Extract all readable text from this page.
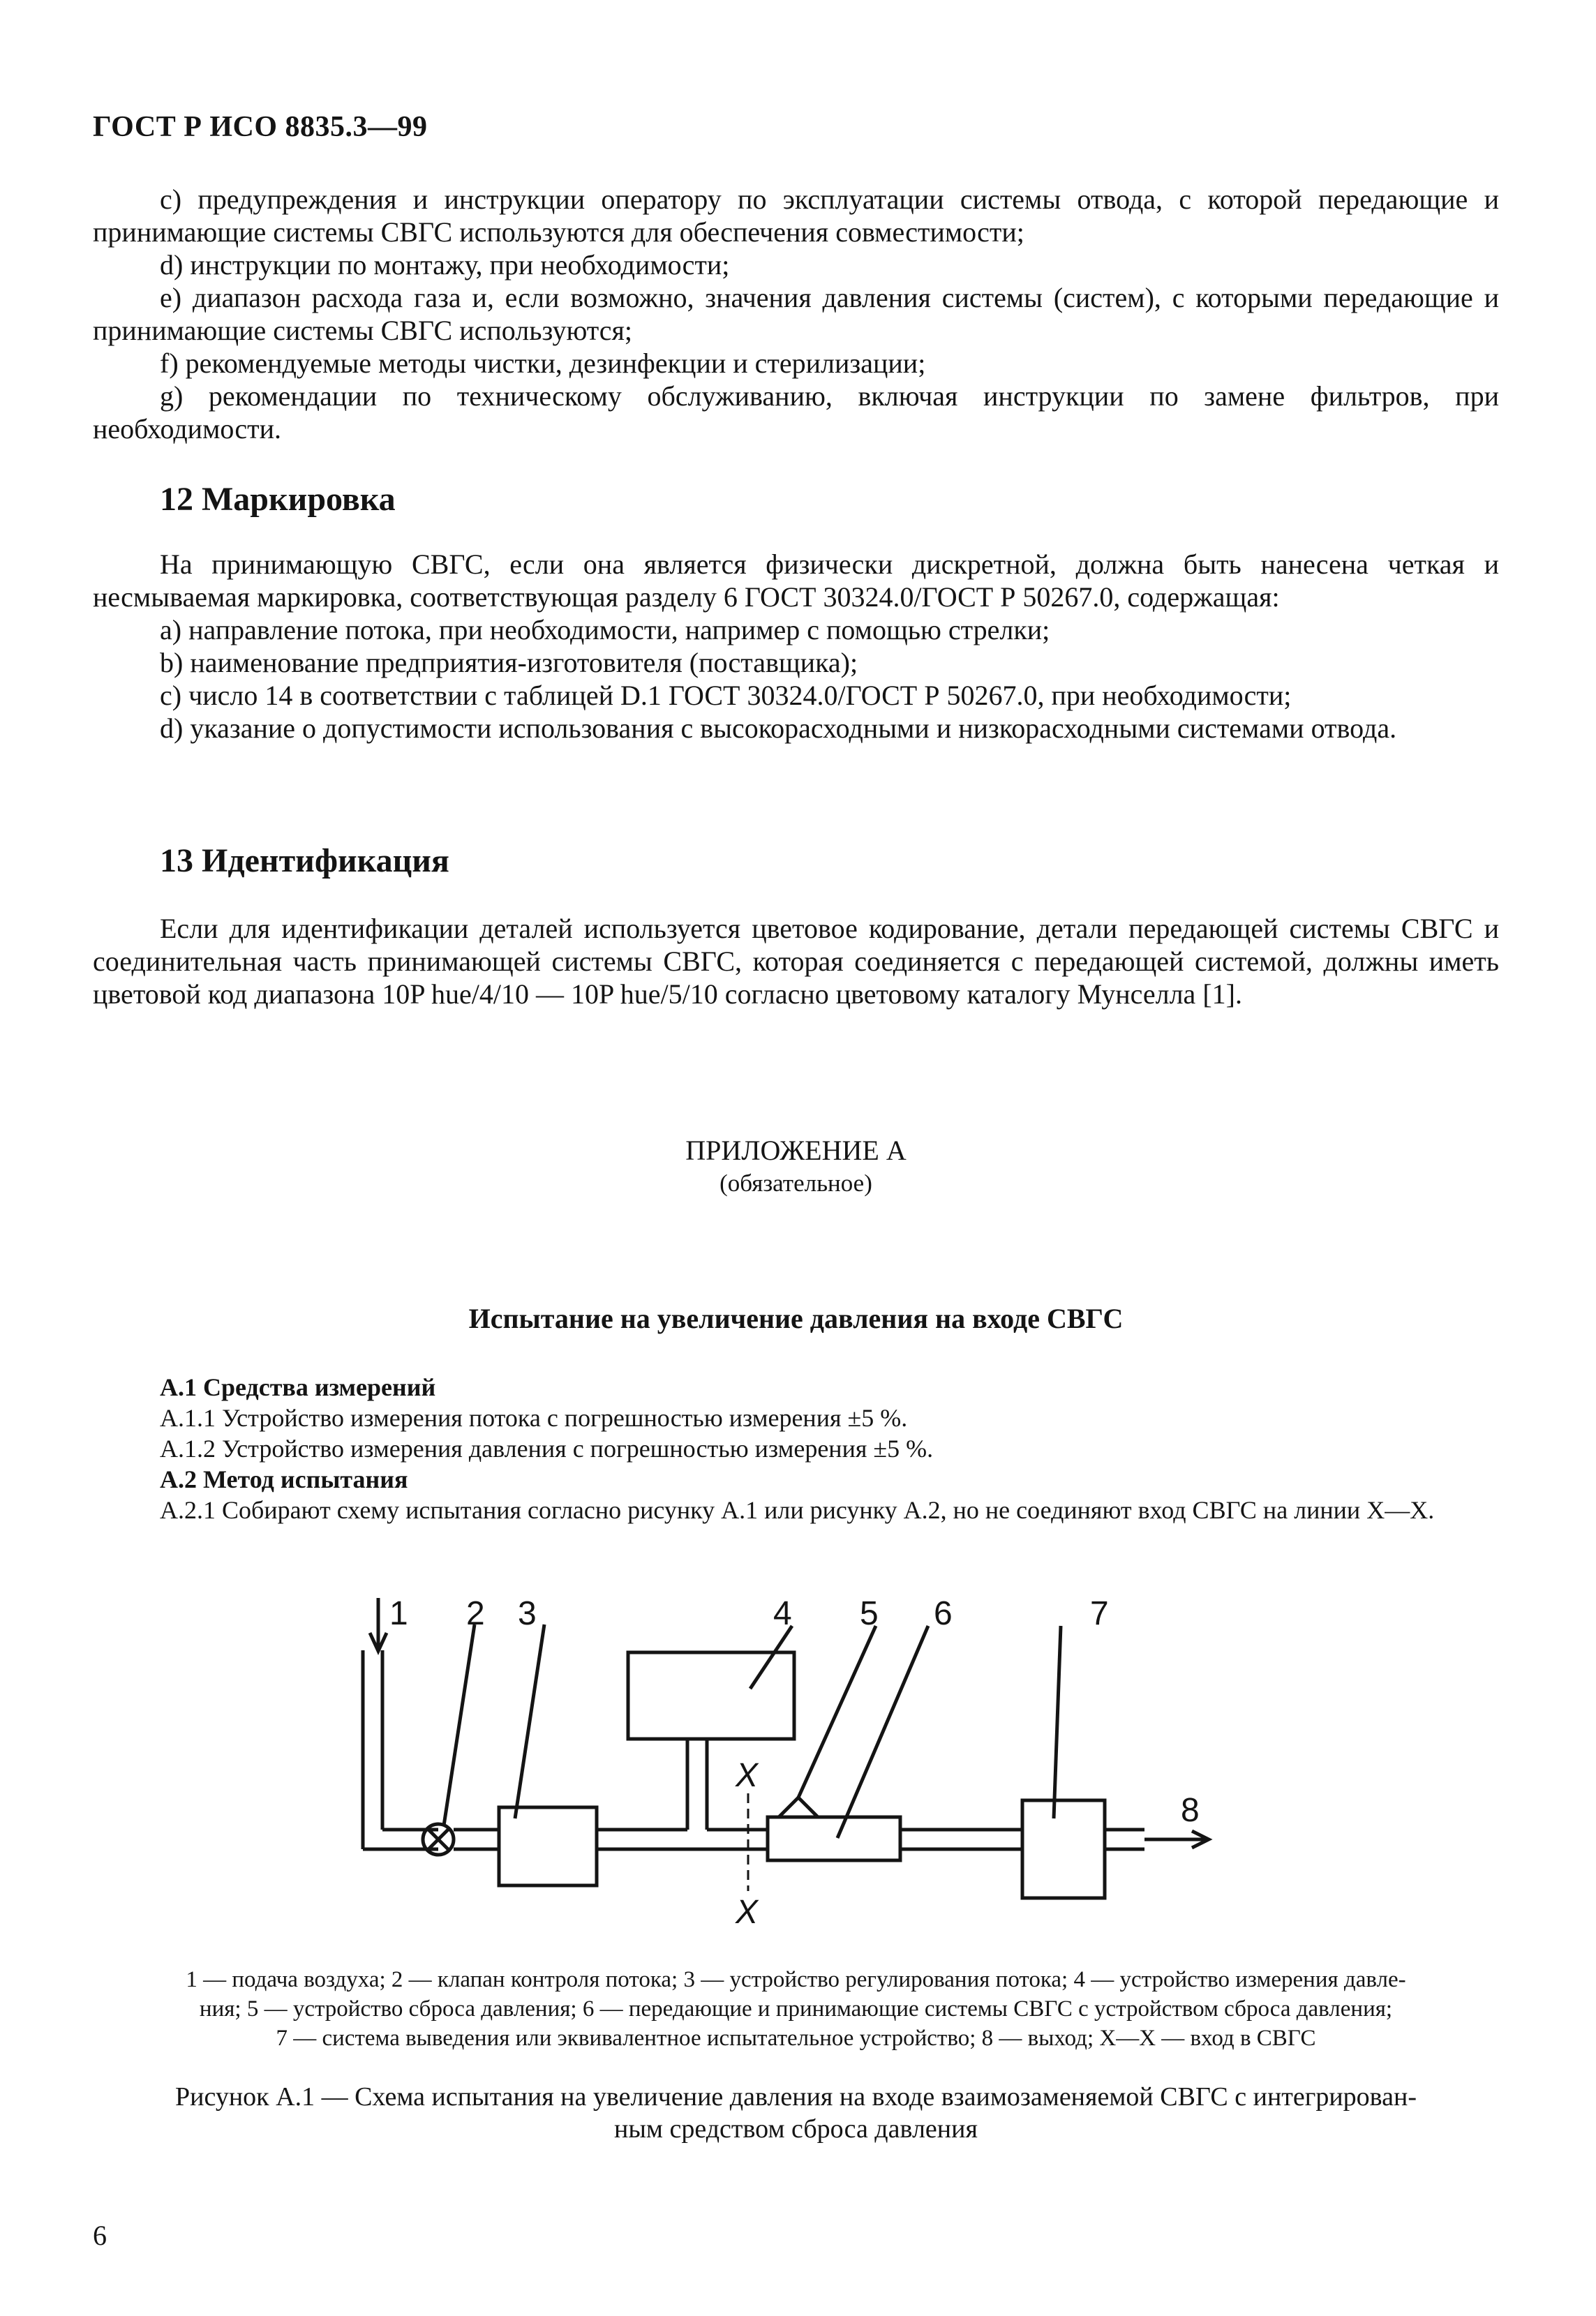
ГОСТ Р ИСО 8835.3—99

c) предупреждения и инструкции оператору по эксплуатации системы отвода, с которой передающие и принимающие системы СВГС используются для обеспечения совместимости;

d) инструкции по монтажу, при необходимости;

e) диапазон расхода газа и, если возможно, значения давления системы (систем), с которыми передающие и принимающие системы СВГС используются;

f) рекомендуемые методы чистки, дезинфекции и стерилизации;

g) рекомендации по техническому обслуживанию, включая инструкции по замене фильтров, при необходимости.

12 Маркировка

На принимающую СВГС, если она является физически дискретной, должна быть нанесена четкая и несмываемая маркировка, соответствующая разделу 6 ГОСТ 30324.0/ГОСТ Р 50267.0, содержащая:

a) направление потока, при необходимости, например с помощью стрелки;

b) наименование предприятия-изготовителя (поставщика);

c) число 14 в соответствии с таблицей D.1 ГОСТ 30324.0/ГОСТ Р 50267.0, при необходимости;

d) указание о допустимости использования с высокорасходными и низкорасходными системами отвода.

13 Идентификация

Если для идентификации деталей используется цветовое кодирование, детали передающей системы СВГС и соединительная часть принимающей системы СВГС, которая соединяется с передающей системой, должны иметь цветовой код диапазона 10P hue/4/10 — 10P hue/5/10 согласно цветовому каталогу Мунселла [1].

ПРИЛОЖЕНИЕ А
(обязательное)
Испытание на увеличение давления на входе СВГС
А.1 Средства измерений
А.1.1 Устройство измерения потока с погрешностью измерения ±5 %.
А.1.2 Устройство измерения давления с погрешностью измерения ±5 %.
А.2 Метод испытания

А.2.1 Собирают схему испытания согласно рисунку А.1 или рисунку А.2, но не соединяют вход СВГС на линии X—X.

1 2 3	4 5 6	7
8
X
X
1 — подача воздуха; 2 — клапан контроля потока; 3 — устройство регулирования потока; 4 — устройство измерения давле-
ния; 5 — устройство сброса давления; 6 — передающие и принимающие системы СВГС с устройством сброса давления;
7 — система выведения или эквивалентное испытательное устройство; 8 — выход; X—X — вход в СВГС
Рисунок А.1 — Схема испытания на увеличение давления на входе взаимозаменяемой СВГС с интегрирован-
ным средством сброса давления
6
